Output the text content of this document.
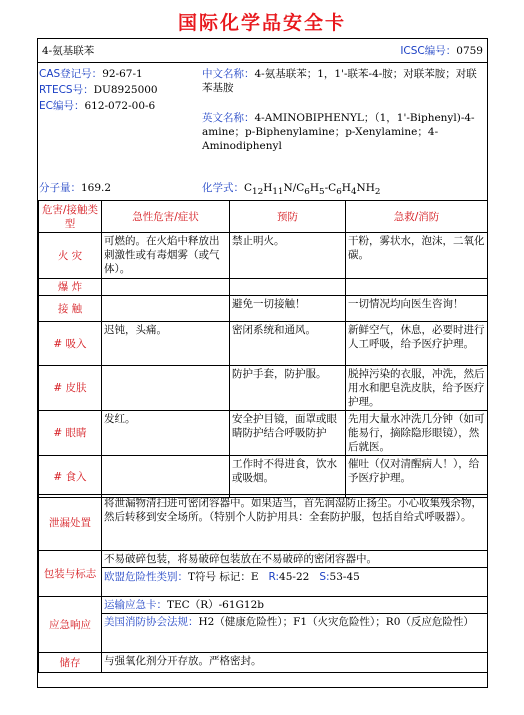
国际化学品安全卡
4-氨基联苯	ICSC编号：0759
CAS登记号：92-67-1
RTECS号：DU8925000
EC编号：612-072-00-6
中文名称：4-氨基联苯；1，1'-联苯-4-胺；对联苯胺；对联苯基胺
英文名称：4-AMINOBIPHENYL；（1，1'-Biphenyl)-4-amine；p-Biphenylamine；p-Xenylamine；4-Aminodiphenyl
分子量：169.2	化学式：$C_{12}H_{11}N/C_6H_5-C_6H_4NH_2$
危害/接触类型	急性危害/症状	预防	急救/消防
火 灾	可燃的。在火焰中释放出刺激性或有毒烟雾（或气体）。	禁止明火。	干粉，雾状水，泡沫，二氧化碳。
爆 炸			
接 触		避免一切接触！	一切情况均向医生咨询！
# 吸入	迟钝，头痛。	密闭系统和通风。	新鲜空气，休息，必要时进行人工呼吸，给予医疗护理。
# 皮肤		防护手套，防护服。	脱掉污染的衣服，冲洗，然后用水和肥皂洗皮肤，给予医疗护理。
# 眼睛	发红。	安全护目镜，面罩或眼睛防护结合呼吸防护	先用大量水冲洗几分钟（如可能易行，摘除隐形眼镜），然后就医。
# 食入		工作时不得进食，饮水或吸烟。	催吐（仅对清醒病人！），给予医疗护理。
泄漏处置	将泄漏物清扫进可密闭容器中。如果适当，首先润湿防止扬尘。小心收集残余物，然后转移到安全场所。（特别个人防护用具：全套防护服，包括自给式呼吸器）。
包装与标志	不易破碎包装，将易破碎包装放在不易破碎的密闭容器中。
欧盟危险性类别：T符号 标记：E R:45-22 S:53-45

应急响应	运输应急卡：TEC（R）-61G12b
美国消防协会法规：H2（健康危险性）；F1（火灾危险性）；R0（反应危险性）

储存	与强氧化剂分开存放。严格密封。
